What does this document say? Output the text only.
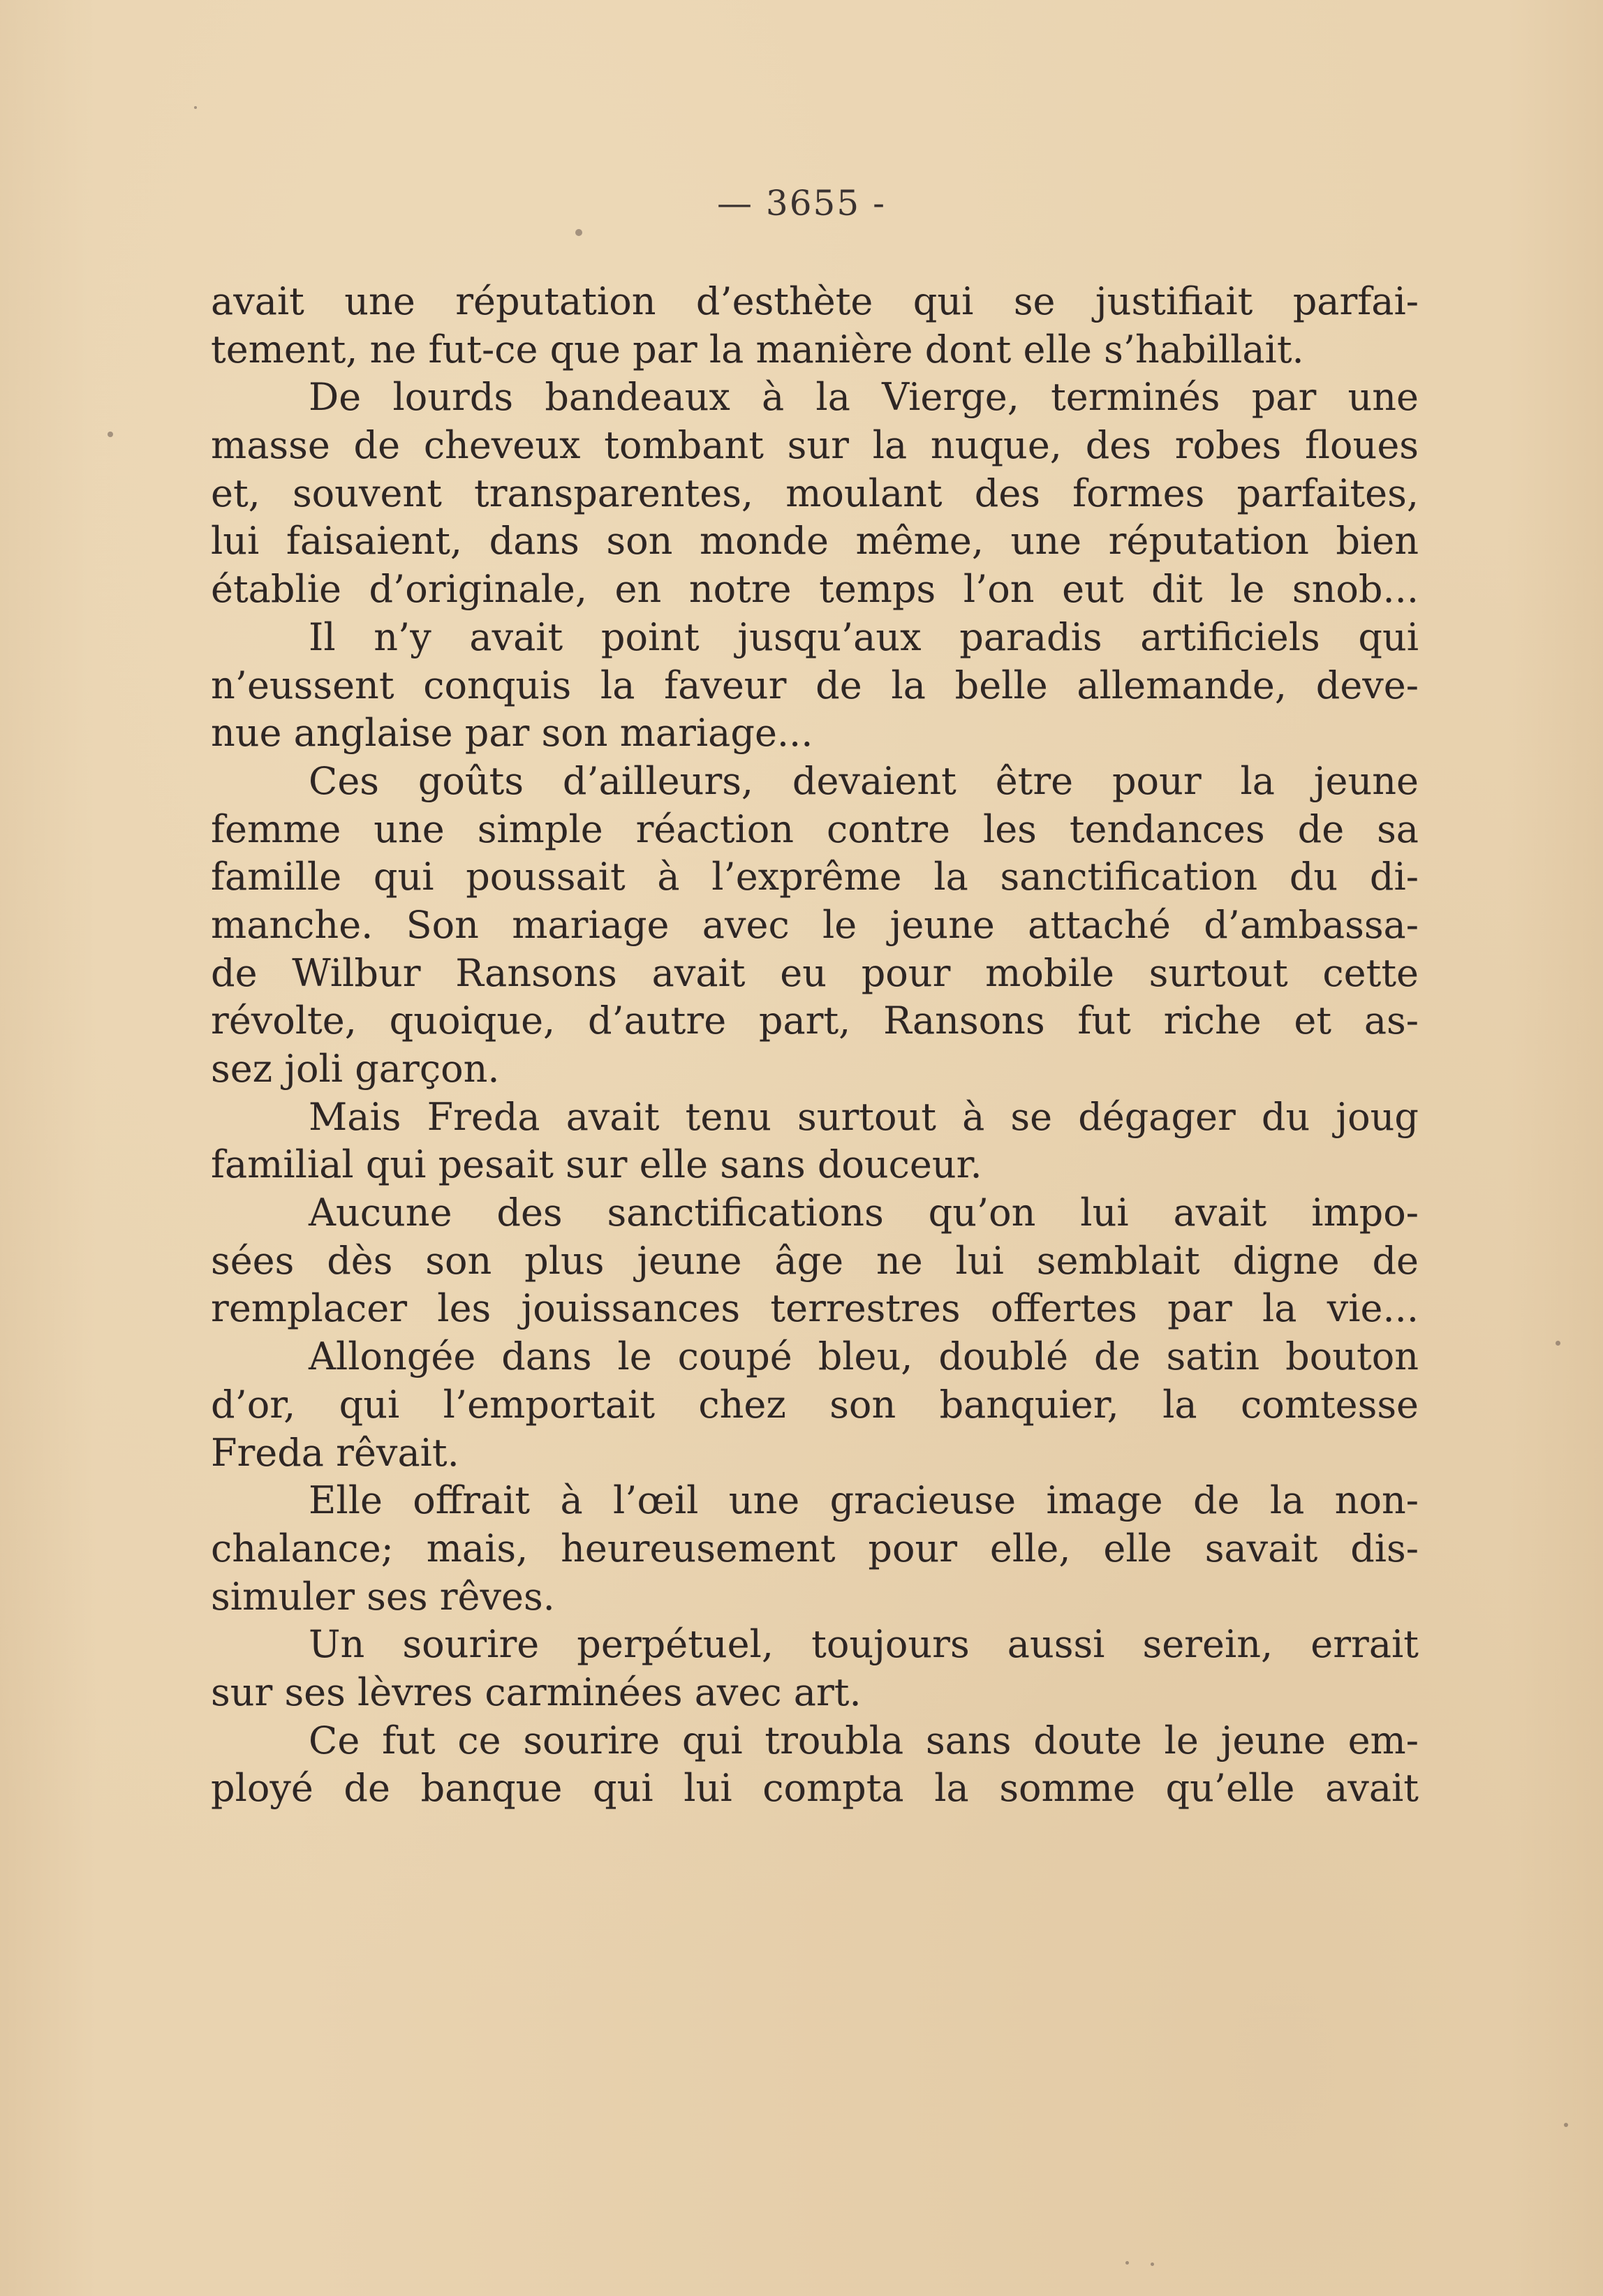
— 3655 -
avait une réputation d’esthète qui se justifiait parfai-
tement, ne fut-ce que par la manière dont elle s’habillait.
De lourds bandeaux à la Vierge, terminés par une
masse de cheveux tombant sur la nuque, des robes floues
et, souvent transparentes, moulant des formes parfaites,
lui faisaient, dans son monde même, une réputation bien
établie d’originale, en notre temps l’on eut dit le snob...
Il n’y avait point jusqu’aux paradis artificiels qui
n’eussent conquis la faveur de la belle allemande, deve-
nue anglaise par son mariage...
Ces goûts d’ailleurs, devaient être pour la jeune
femme une simple réaction contre les tendances de sa
famille qui poussait à l’exprême la sanctification du di-
manche. Son mariage avec le jeune attaché d’ambassa-
de Wilbur Ransons avait eu pour mobile surtout cette
révolte, quoique, d’autre part, Ransons fut riche et as-
sez joli garçon.
Mais Freda avait tenu surtout à se dégager du joug
familial qui pesait sur elle sans douceur.
Aucune des sanctifications qu’on lui avait impo-
sées dès son plus jeune âge ne lui semblait digne de
remplacer les jouissances terrestres offertes par la vie...
Allongée dans le coupé bleu, doublé de satin bouton
d’or, qui l’emportait chez son banquier, la comtesse
Freda rêvait.
Elle offrait à l’œil une gracieuse image de la non-
chalance; mais, heureusement pour elle, elle savait dis-
simuler ses rêves.
Un sourire perpétuel, toujours aussi serein, errait
sur ses lèvres carminées avec art.
Ce fut ce sourire qui troubla sans doute le jeune em-
ployé de banque qui lui compta la somme qu’elle avait
